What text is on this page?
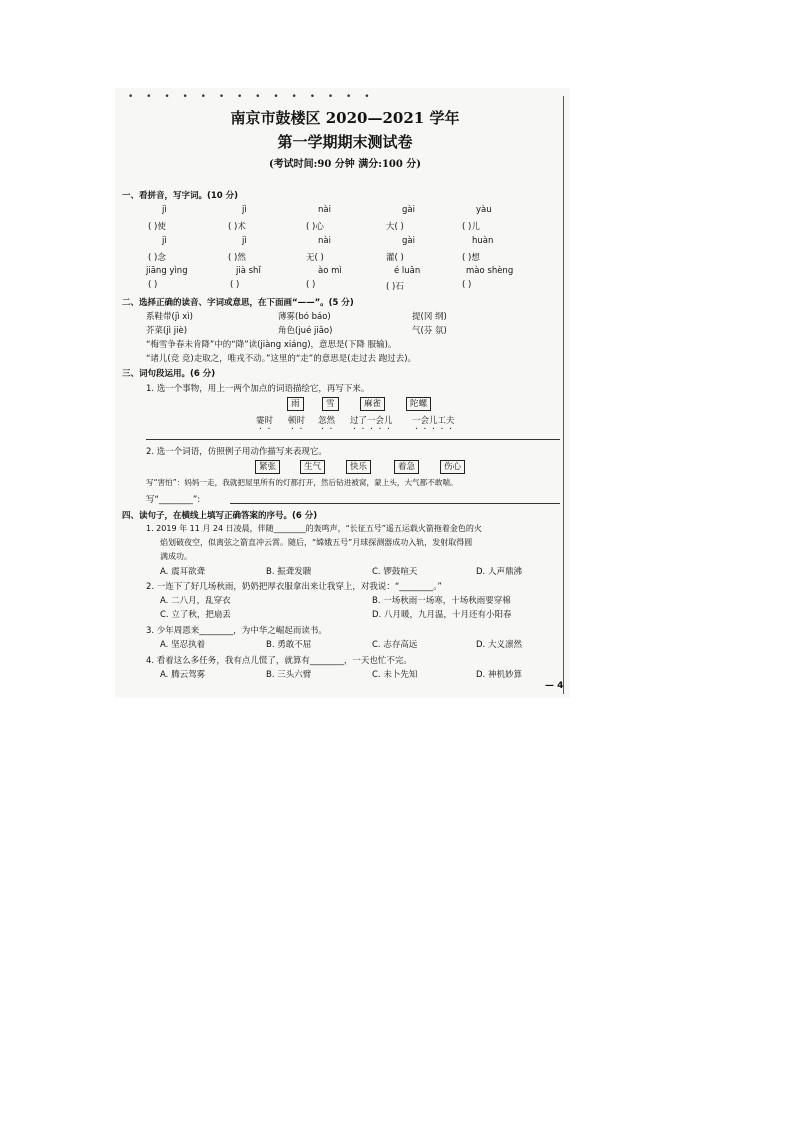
• • • • • • • • • • • • • •
南京市鼓楼区 2020—2021 学年
第一学期期末测试卷
(考试时间:90 分钟 满分:100 分)
一、看拼音，写字词。(10 分)
jì	jì	nài	gài	yàu
( )使	( )术	( )心	大( )	( )儿
jì	jì	nài	gài	huàn
( )念	( )然	无( )	灌( )	( )想
jiāng yìng	jià shǐ	ào mì	é luǎn	mào shèng
( )	( )	( )	( )石	( )
二、选择正确的读音、字词或意思，在下面画“——”。(5 分)
系鞋带(jì xì)	薄雾(bó báo)	提(冈 纲)
芥菜(jì jiè)	角色(jué jiǎo)	气(芬 氛)
“梅雪争春未肯降”中的“降”读(jiàng xiáng)，意思是(下降 服输)。
“诸儿(竞 竞)走取之，唯戎不动。”这里的“走”的意思是(走过去 跑过去)。
三、词句段运用。(6 分)
1. 选一个事物，用上一两个加点的词语描绘它，再写下来。
雨	雪	麻雀	陀螺
霎时 顿时 忽然 过了一会儿 一会儿工夫
2. 选一个词语，仿照例子用动作描写来表现它。
紧张	生气	快乐	着急	伤心
写“害怕”：妈妈一走，我就把屋里所有的灯都打开，然后钻进被窝，蒙上头，大气都不敢喘。
写“________”:
四、读句子，在横线上填写正确答案的序号。(6 分)
1. 2019 年 11 月 24 日凌晨，伴随________的轰鸣声，“长征五号”遥五运载火箭拖着金色的火
焰划破夜空，似离弦之箭直冲云霄。随后，“嫦娥五号”月球探测器成功入轨，发射取得圆
满成功。
A. 震耳欲聋	B. 振聋发聩	C. 锣鼓喧天	D. 人声鼎沸
2. 一连下了好几场秋雨，奶奶把厚衣服拿出来让我穿上，对我说：“________。”
A. 二八月，乱穿衣	B. 一场秋雨一场寒，十场秋雨要穿棉
C. 立了秋，把扇丢	D. 八月暖，九月温，十月还有小阳春
3. 少年周恩来________，为中华之崛起而读书。
A. 坚忍执着	B. 勇敢不屈	C. 志存高远	D. 大义凛然
4. 看着这么多任务，我有点儿慌了，就算有________，一天也忙不完。
A. 腾云驾雾	B. 三头六臂	C. 未卜先知	D. 神机妙算
— 4
